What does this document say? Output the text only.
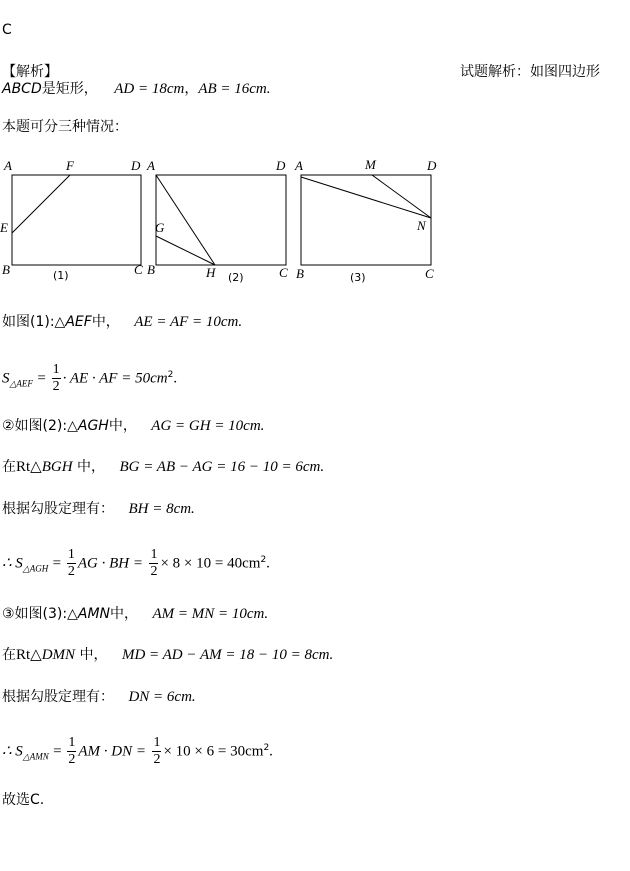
C
【解析】	试题解析：如图四边形
ABCD是矩形， AD = 18cm，AB = 16cm.
本题可分三种情况：
A	F	D
E
B	C
(1)
A	D
G
B	H	C
(2)
A	M	D
N
B	C
(3)
如图(1):△AEF中， AE = AF = 10cm.
$S_{\triangle AEF} = \frac{1}{2}$ · AE · AF = $50cm^2$.
②如图(2):△AGH中， AG = GH = 10cm.
在Rt△BGH 中， BG = AB − AG = 16 − 10 = 6cm.
根据勾股定理有： BH = 8cm.
∴ $S_{\triangle AGH} = \frac{1}{2}$ AG · BH = $\frac{1}{2} \times 8 \times 10 = 40cm^2$.
③如图(3):△AMN中， AM = MN = 10cm.
在Rt△DMN 中， MD = AD − AM = 18 − 10 = 8cm.
根据勾股定理有： DN = 6cm.
∴ $S_{\triangle AMN} = \frac{1}{2}$ AM · DN = $\frac{1}{2} \times 10 \times 6 = 30cm^2$.
故选C.
